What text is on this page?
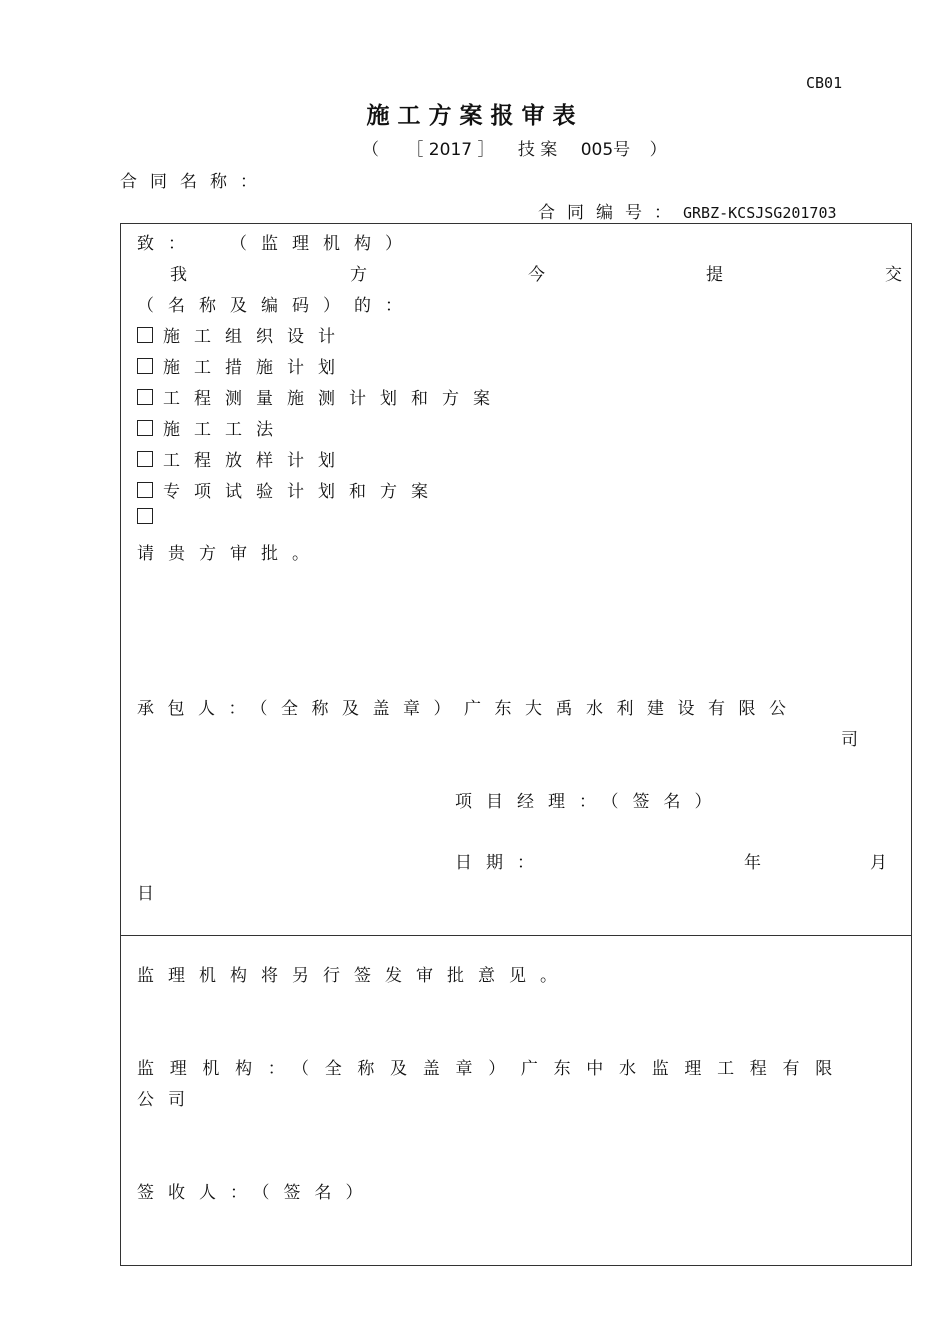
CB01
施工方案报审表
（ ［ 2017 ］ 技 案 005号 ）
合同名称：
合同编号：GRBZ-KCSJSG201703
致： （监理机构）
我	方	今	提	交
（名称及编码）的：
施工组织设计
施工措施计划
工程测量施测计划和方案
施工工法
工程放样计划
专项试验计划和方案
请贵方审批。
承包人：（全称及盖章）广东大禹水利建设有限公
司
项目经理：（签名）
日期：	年	月
日
监理机构将另行签发审批意见。
监理机构：（全称及盖章）广东中水监理工程有限
公司
签收人：（签名）
